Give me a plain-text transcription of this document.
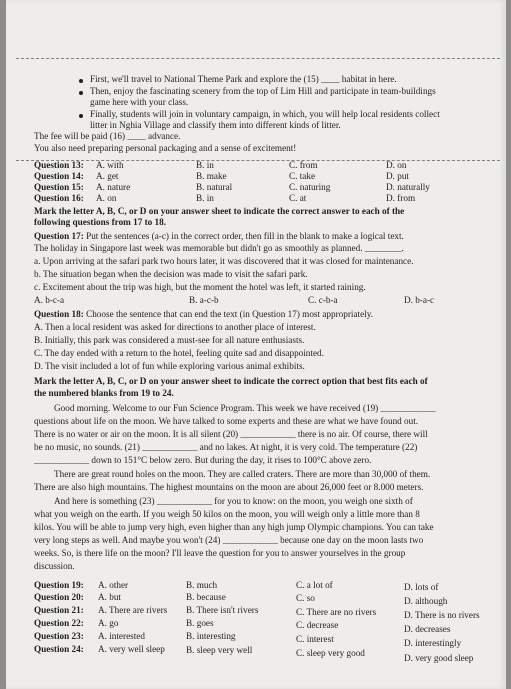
First, we'll travel to National Theme Park and explore the (15) ____ habitat in here.
Then, enjoy the fascinating scenery from the top of Lim Hill and participate in team-buildings
game here with your class.
Finally, students will join in voluntary campaign, in which, you will help local residents collect
litter in Nghia Village and classify them into different kinds of litter.
The fee will be paid (16) ____ advance.
You also need preparing personal packaging and a sense of excitement!
Question 13: A. with	B. in	C. from	D. on
Question 14: A. get	B. make	C. take	D. put
Question 15: A. nature	B. natural	C. naturing	D. naturally
Question 16: A. on	B. in	C. at	D. from
Mark the letter A, B, C, or D on your answer sheet to indicate the correct answer to each of the
following questions from 17 to 18.
Question 17: Put the sentences (a-c) in the correct order, then fill in the blank to make a logical text.
The holiday in Singapore last week was memorable but didn't go as smoothly as planned. ________.
a. Upon arriving at the safari park two hours later, it was discovered that it was closed for maintenance.
b. The situation began when the decision was made to visit the safari park.
c. Excitement about the trip was high, but the moment the hotel was left, it started raining.
A. b-c-a	B. a-c-b	C. c-b-a	D. b-a-c
Question 18: Choose the sentence that can end the text (in Question 17) most appropriately.
A. Then a local resident was asked for directions to another place of interest.
B. Initially, this park was considered a must-see for all nature enthusiasts.
C. The day ended with a return to the hotel, feeling quite sad and disappointed.
D. The visit included a lot of fun while exploring various animal exhibits.
Mark the letter A, B, C, or D on your answer sheet to indicate the correct option that best fits each of
the numbered blanks from 19 to 24.
Good morning. Welcome to our Fun Science Program. This week we have received (19) ____________
questions about life on the moon. We have talked to some experts and these are what we have found out.
There is no water or air on the moon. It is all silent (20) ____________ there is no air. Of course, there will
be no music, no sounds. (21) ____________ and no lakes. At night, it is very cold. The temperature (22)
____________ down to 151°C below zero. But during the day, it rises to 100°C above zero.
There are great round holes on the moon. They are called craters. There are more than 30,000 of them.
There are also high mountains. The highest mountains on the moon are about 26,000 feet or 8.000 meters.
And here is something (23) ____________ for you to know: on the moon, you weigh one sixth of
what you weigh on the earth. If you weigh 50 kilos on the moon, you will weigh only a little more than 8
kilos. You will be able to jump very high, even higher than any high jump Olympic champions. You can take
very long steps as well. And maybe you won't (24) ____________ because one day on the moon lasts two
weeks. So, is there life on the moon? I'll leave the question for you to answer yourselves in the group
discussion.
Question 19: A. other	B. much	C. a lot of	D. lots of
Question 20: A. but	B. because	C. so	D. although
Question 21: A. There are rivers B. There isn't rivers	C. There are no rivers	D. There is no rivers
Question 22: A. go	B. goes	C. decrease	D. decreases
Question 23: A. interested	B. interesting	C. interest	D. interestingly
Question 24: A. very well sleep B. sleep very well	C. sleep very good	D. very good sleep
